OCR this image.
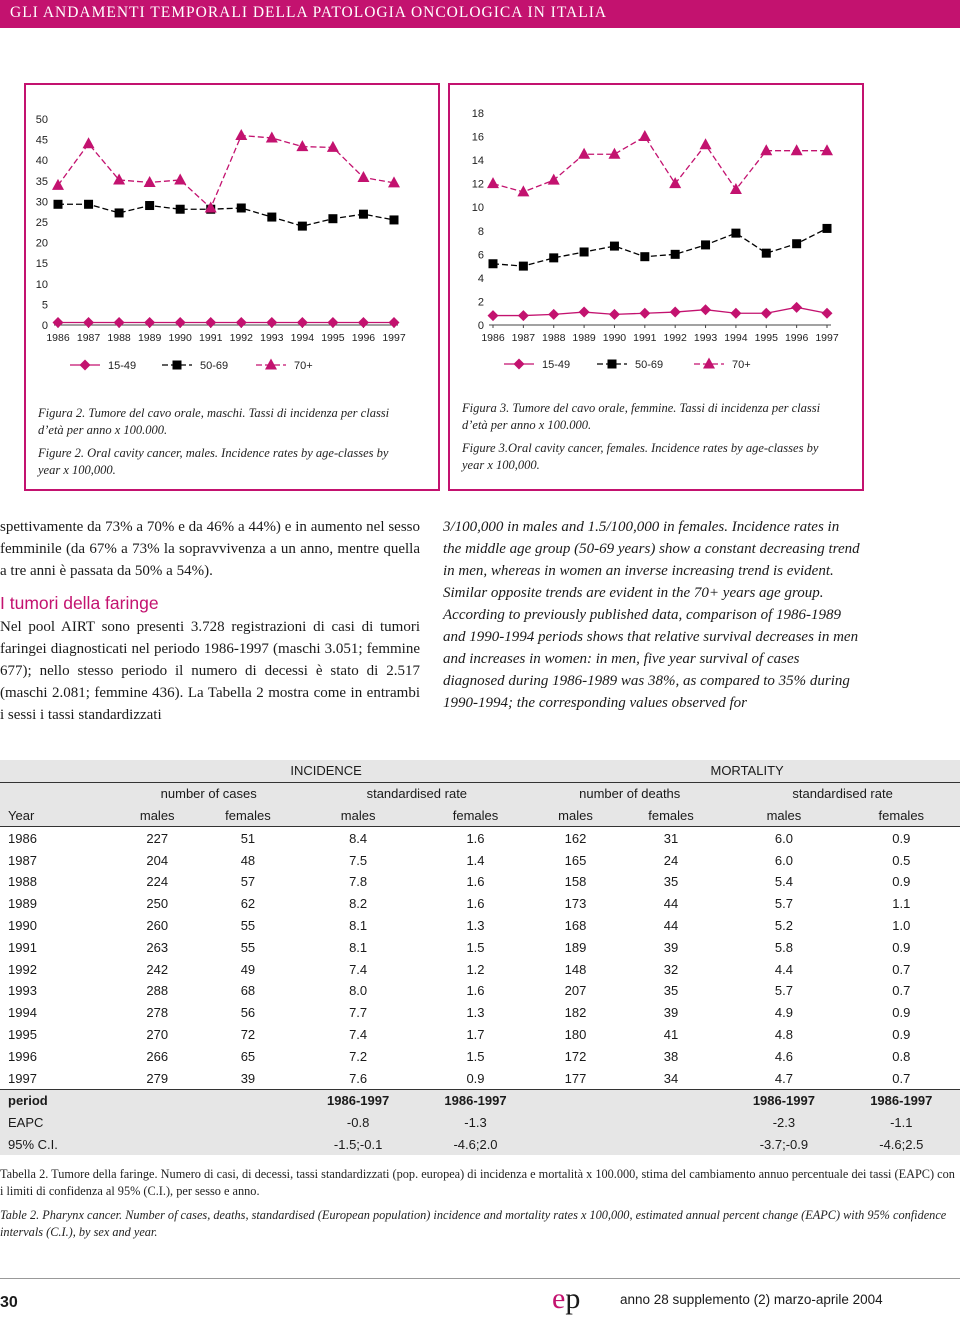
GLI ANDAMENTI TEMPORALI DELLA PATOLOGIA ONCOLOGICA IN ITALIA
0
5
10
15
20
25
30
35
40
45
50
1986 1987 1988 1989 1990 1991 1992 1993 1994 1995 1996 1997
15-49	50-69	70+

Figura 2. Tumore del cavo orale, maschi. Tassi di incidenza per classi d’età per anno x 100.000.

Figure 2. Oral cavity cancer, males. Incidence rates by age-classes by year x 100,000.

0
2
4
6
8
10
12
14
16
18
1986 1987 1988 1989 1990 1991 1992 1993 1994 1995 1996 1997
15-49	50-69	70+

Figura 3. Tumore del cavo orale, femmine. Tassi di incidenza per classi d’età per anno x 100.000.

Figure 3.Oral cavity cancer, females. Incidence rates by age-classes by year x 100,000.

spettivamente da 73% a 70% e da 46% a 44%) e in aumento nel sesso femminile (da 67% a 73% la sopravvivenza a un anno, mentre quella a tre anni è passata da 50% a 54%).

I tumori della faringe

Nel pool AIRT sono presenti 3.728 registrazioni di casi di tumori faringei diagnosticati nel periodo 1986-1997 (maschi 3.051; femmine 677); nello stesso periodo il numero di decessi è stato di 2.517 (maschi 2.081; femmine 436). La Tabella 2 mostra come in entrambi i sessi i tassi standardizzati

3/100,000 in males and 1.5/100,000 in females. Incidence rates in the middle age group (50-69 years) show a constant decreasing trend in men, whereas in women an inverse increasing trend is evident. Similar opposite trends are evident in the 70+ years age group. According to previously published data, comparison of 1986-1989 and 1990-1994 periods shows that relative survival decreases in men and increases in women: in men, five year survival of cases diagnosed during 1986-1989 was 38%, as compared to 35% during 1990-1994; the corresponding values observed for

	INCIDENCE				MORTALITY			
	number of cases		standardised rate		number of deaths		standardised rate	
Year	males	females	males	females	males	females	males	females
1986	227	51	8.4	1.6	162	31	6.0	0.9
1987	204	48	7.5	1.4	165	24	6.0	0.5
1988	224	57	7.8	1.6	158	35	5.4	0.9
1989	250	62	8.2	1.6	173	44	5.7	1.1
1990	260	55	8.1	1.3	168	44	5.2	1.0
1991	263	55	8.1	1.5	189	39	5.8	0.9
1992	242	49	7.4	1.2	148	32	4.4	0.7
1993	288	68	8.0	1.6	207	35	5.7	0.7
1994	278	56	7.7	1.3	182	39	4.9	0.9
1995	270	72	7.4	1.7	180	41	4.8	0.9
1996	266	65	7.2	1.5	172	38	4.6	0.8
1997	279	39	7.6	0.9	177	34	4.7	0.7
period			1986-1997	1986-1997			1986-1997	1986-1997
EAPC			-0.8	-1.3			-2.3	-1.1
95% C.I.			-1.5;-0.1	-4.6;2.0			-3.7;-0.9	-4.6;2.5

Tabella 2. Tumore della faringe. Numero di casi, di decessi, tassi standardizzati (pop. europea) di incidenza e mortalità x 100.000, stima del cambiamento annuo percentuale dei tassi (EAPC) con i limiti di confidenza al 95% (C.I.), per sesso e anno.

Table 2. Pharynx cancer. Number of cases, deaths, standardised (European population) incidence and mortality rates x 100,000, estimated annual percent change (EAPC) with 95% confidence intervals (C.I.), by sex and year.

30	ep	anno 28 supplemento (2) marzo-aprile 2004
